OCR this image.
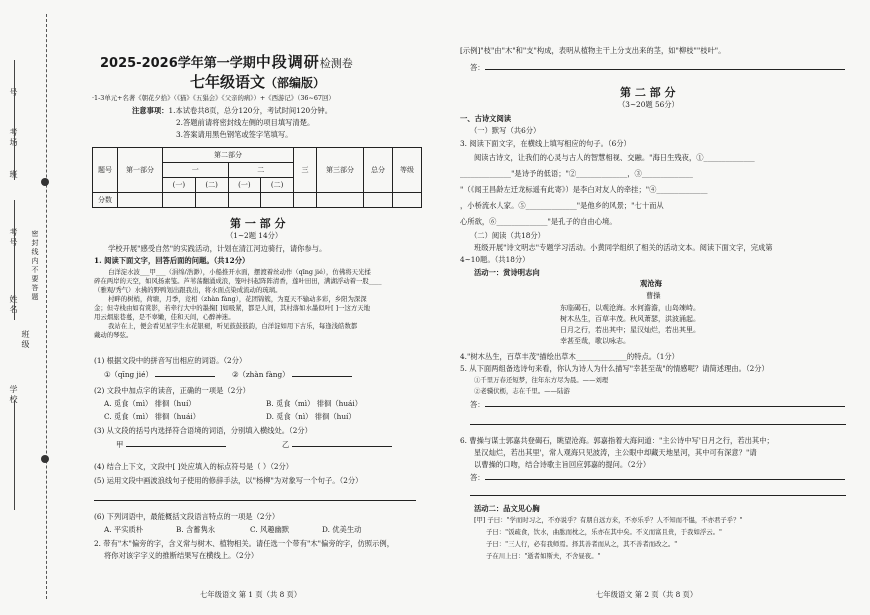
号
考场
班
考号
姓名
学校
班级
密封线内不要答题
2025-2026学年第一学期中段调研检测卷
七年级语文（部编版）
·1-3单元+名著《朝花夕拾》（《猫》《五猖会》《父亲的病》）+《西游记》（36~67回）
注意事项：1.本试卷共8页，总分120分，考试时间120分钟。
2.答题前请将密封线左侧的项目填写清楚。
3.答案请用黑色钢笔或签字笔填写。
题号	第一部分	第二部分				三	第三部分	总分	等级
		一		二					
		(一)	(二)	(一)	(二)				
分数									
第 一 部 分
（1~2题 14分）
学校开展"感受自然"的实践活动，计划在清江河边骑行，请你参与。
1. 阅读下面文字，回答后面的问题。（共12分）
白洋淀水波___甲___（涓绵/浩渺），小船推开水面，摆渡着丝动作（qīng jié），仿佛将天光揉
碎在两岸的天空，如风扬素笺。芦苇荡翻涌成浪，笼叶抖起阵阵清香，莲叶田田，满湖浮动着一股____
（雅观/秀气）水拂的野鸭划出跟我出，将水面点染成流动的琉璃。
村畔的树梢，荷塘，月季，竞相（zhàn fàng），花团锦簇，为夏天不输动多彩，乡阳为深深
金；但寺栈由如有赏影，若牵行大中的墨掬[ ]如吸紧，都是人间，其村落如水墨似叶[ ]一这方天地
用云烟旅巷蔓，是不辜嫩，佳和天间，心醉神迷。
我站在上，便会看见星宇生水花银褪，听见鼓鼓鼓韵，白洋淀如用下古乐，每逢浅皓数都
戴动的琴弦。
(1) 根据文段中的拼音写出相应的词语。（2分）
①（qīng jié）	②（zhàn fàng）
(2) 文段中加点字的读音，正确的一项是（2分）
A. 觅食（mì） 徘徊（huí）	B. 觅食（mì） 徘徊（huái）
C. 觅食（mì） 徘徊（huái）	D. 觅食（nì） 徘徊（huí）
(3) 从文段的括号内选择符合语境的词语，分别填入横线处。（2分）
甲	乙
(4) 结合上下文，文段中[ ]处应填入的标点符号是（ ）（2分）
(5) 运用文段中画波浪线句子使用的修辞手法，以"杨柳"为对象写一个句子。（2分）
(6) 下列词语中，最能概括文段语言特点的一项是（2分）
A. 平实质朴	B. 含蓄隽永	C. 风趣幽默	D. 优美生动
2. 带有"木"偏旁的字，含义常与树木、植物相关。请任选一个带有"木"偏旁的字，仿照示例，
将你对该字字义的推断结果写在横线上。（2分）
七年级语文 第 1 页（共 8 页）
[示例]"枝"由"木"和"支"构成，表明从植物主干上分支出来的茎，如"柳枝""枝叶"。
答：
第 二 部 分
（3~20题 56分）
一、古诗文阅读
（一）默写（共6分）
3. 阅读下面文字，在横线上填写相应的句子。（6分）
阅读古诗文，让我们的心灵与古人的智慧相视、交融。"海日生残夜，①______________
______________"是诗予的低语；"②______________，③______________
"（《闻王昌龄左迁龙标遥有此寄》）是李白对友人的牵挂；"④______________
，小桥流水人家。⑤______________"是他乡的风景；"七十而从
心所欲，⑥______________"是孔子的自由心境。
（二）阅读（共18分）
班级开展"诗文明志"专题学习活动。小黄同学组织了相关的活动文本。阅读下面文字，完成第
4~10题。（共18分）
活动一：赏诗明志向
观沧海
曹操
东临碣石，以观沧海。水何澹澹，山岛竦峙。
树木丛生，百草丰茂。秋风萧瑟，洪波涌起。
日月之行，若出其中；星汉灿烂，若出其里。
幸甚至哉，歌以咏志。
4."树木丛生，百草丰茂"描绘出草木______________的特点。（1分）
5. 从下面两组备选诗句来看，你认为诗人为什么描写"幸甚至哉"的情感呢？请简述理由。（2分）
①千里万春还短梦，往年东方尽为晨。——刘理
②老骥伏枥，志在千里。——陆游
答：
6. 曹操与谋士郭嘉共登碣石，眺望沧海。郭嘉指着大海问道："主公诗中写'日月之行，若出其中；
星汉灿烂，若出其里'，常人观海只见波涛，主公眼中却藏天地星河，其中可有深意？"请
以曹操的口吻，结合诗歌主旨回应郭嘉的提问。（2分）
答：
活动二：品文见心胸
[甲] 子曰："学而时习之，不亦说乎？有朋自远方来，不亦乐乎？人不知而不愠，不亦君子乎？"
子曰："饭疏食，饮水，曲肱而枕之，乐亦在其中矣。不义而富且贵，于我如浮云。"
子曰："三人行，必有我师焉。择其善者而从之，其不善者而改之。"
子在川上曰："逝者如斯夫，不舍昼夜。"
七年级语文 第 2 页（共 8 页）
